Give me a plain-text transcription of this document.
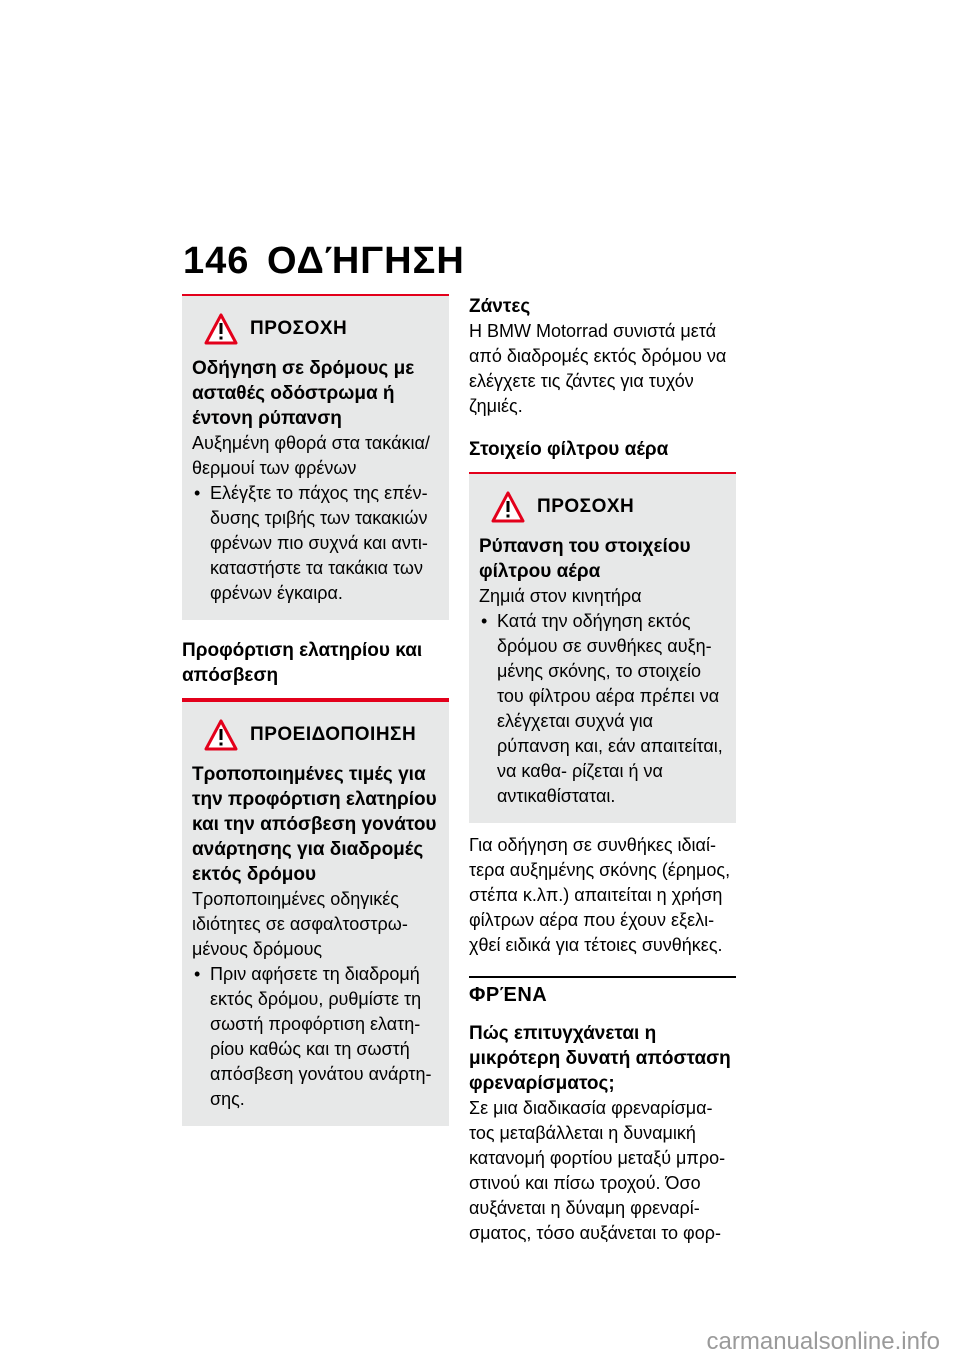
146 ΟΔΉΓΗΣΗ
ΠΡΟΣΟΧΗ
Οδήγηση σε δρόμους με ασταθές οδόστρωμα ή έντονη ρύπανση
Αυξημένη φθορά στα τακάκια/ θερμουί των φρένων
• Ελέγξτε το πάχος της επέν- δυσης τριβής των τακακιών φρένων πιο συχνά και αντι- καταστήστε τα τακάκια των φρένων έγκαιρα.
Προφόρτιση ελατηρίου και απόσβεση
ΠΡΟΕΙΔΟΠΟΙΗΣΗ
Τροποποιημένες τιμές για την προφόρτιση ελατηρίου και την απόσβεση γονάτου ανάρτησης για διαδρομές εκτός δρόμου
Τροποποιημένες οδηγικές ιδιότητες σε ασφαλτοστρω- μένους δρόμους
• Πριν αφήσετε τη διαδρομή εκτός δρόμου, ρυθμίστε τη σωστή προφόρτιση ελατη- ρίου καθώς και τη σωστή απόσβεση γονάτου ανάρτη- σης.
Ζάντες
Η BMW Motorrad συνιστά μετά από διαδρομές εκτός δρόμου να ελέγχετε τις ζάντες για τυχόν ζημιές.
Στοιχείο φίλτρου αέρα
ΠΡΟΣΟΧΗ
Ρύπανση του στοιχείου φίλτρου αέρα
Ζημιά στον κινητήρα
• Κατά την οδήγηση εκτός δρόμου σε συνθήκες αυξη- μένης σκόνης, το στοιχείο του φίλτρου αέρα πρέπει να ελέγχεται συχνά για ρύπανση και, εάν απαιτείται, να καθα- ρίζεται ή να αντικαθίσταται.
Για οδήγηση σε συνθήκες ιδιαί- τερα αυξημένης σκόνης (έρημος, στέπα κ.λπ.) απαιτείται η χρήση φίλτρων αέρα που έχουν εξελι- χθεί ειδικά για τέτοιες συνθήκες.
ΦΡΈΝΑ
Πώς επιτυγχάνεται η μικρότερη δυνατή απόσταση φρεναρίσματος;
Σε μια διαδικασία φρεναρίσμα- τος μεταβάλλεται η δυναμική κατανομή φορτίου μεταξύ μπρο- στινού και πίσω τροχού. Όσο αυξάνεται η δύναμη φρεναρί- σματος, τόσο αυξάνεται το φορ-
carmanualsonline.info
